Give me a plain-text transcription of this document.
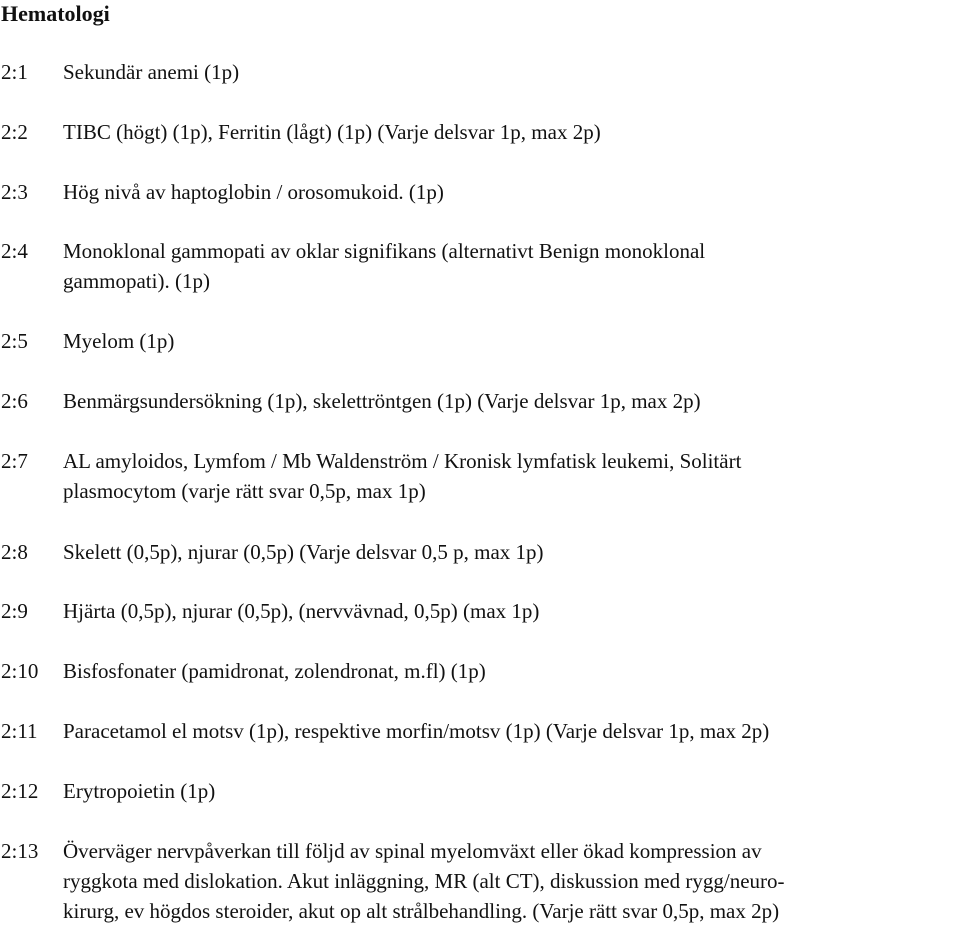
Hematologi
2:1 Sekundär anemi (1p)
2:2 TIBC (högt) (1p), Ferritin (lågt) (1p) (Varje delsvar 1p, max 2p)
2:3 Hög nivå av haptoglobin / orosomukoid. (1p)
2:4 Monoklonal gammopati av oklar signifikans (alternativt Benign monoklonal
gammopati). (1p)
2:5 Myelom (1p)
2:6 Benmärgsundersökning (1p), skelettröntgen (1p) (Varje delsvar 1p, max 2p)
2:7 AL amyloidos, Lymfom / Mb Waldenström / Kronisk lymfatisk leukemi, Solitärt
plasmocytom (varje rätt svar 0,5p, max 1p)
2:8 Skelett (0,5p), njurar (0,5p) (Varje delsvar 0,5 p, max 1p)
2:9 Hjärta (0,5p), njurar (0,5p), (nervvävnad, 0,5p) (max 1p)
2:10 Bisfosfonater (pamidronat, zolendronat, m.fl) (1p)
2:11 Paracetamol el motsv (1p), respektive morfin/motsv (1p) (Varje delsvar 1p, max 2p)
2:12 Erytropoietin (1p)
2:13 Överväger nervpåverkan till följd av spinal myelomväxt eller ökad kompression av
ryggkota med dislokation. Akut inläggning, MR (alt CT), diskussion med rygg/neuro-
kirurg, ev högdos steroider, akut op alt strålbehandling. (Varje rätt svar 0,5p, max 2p)
